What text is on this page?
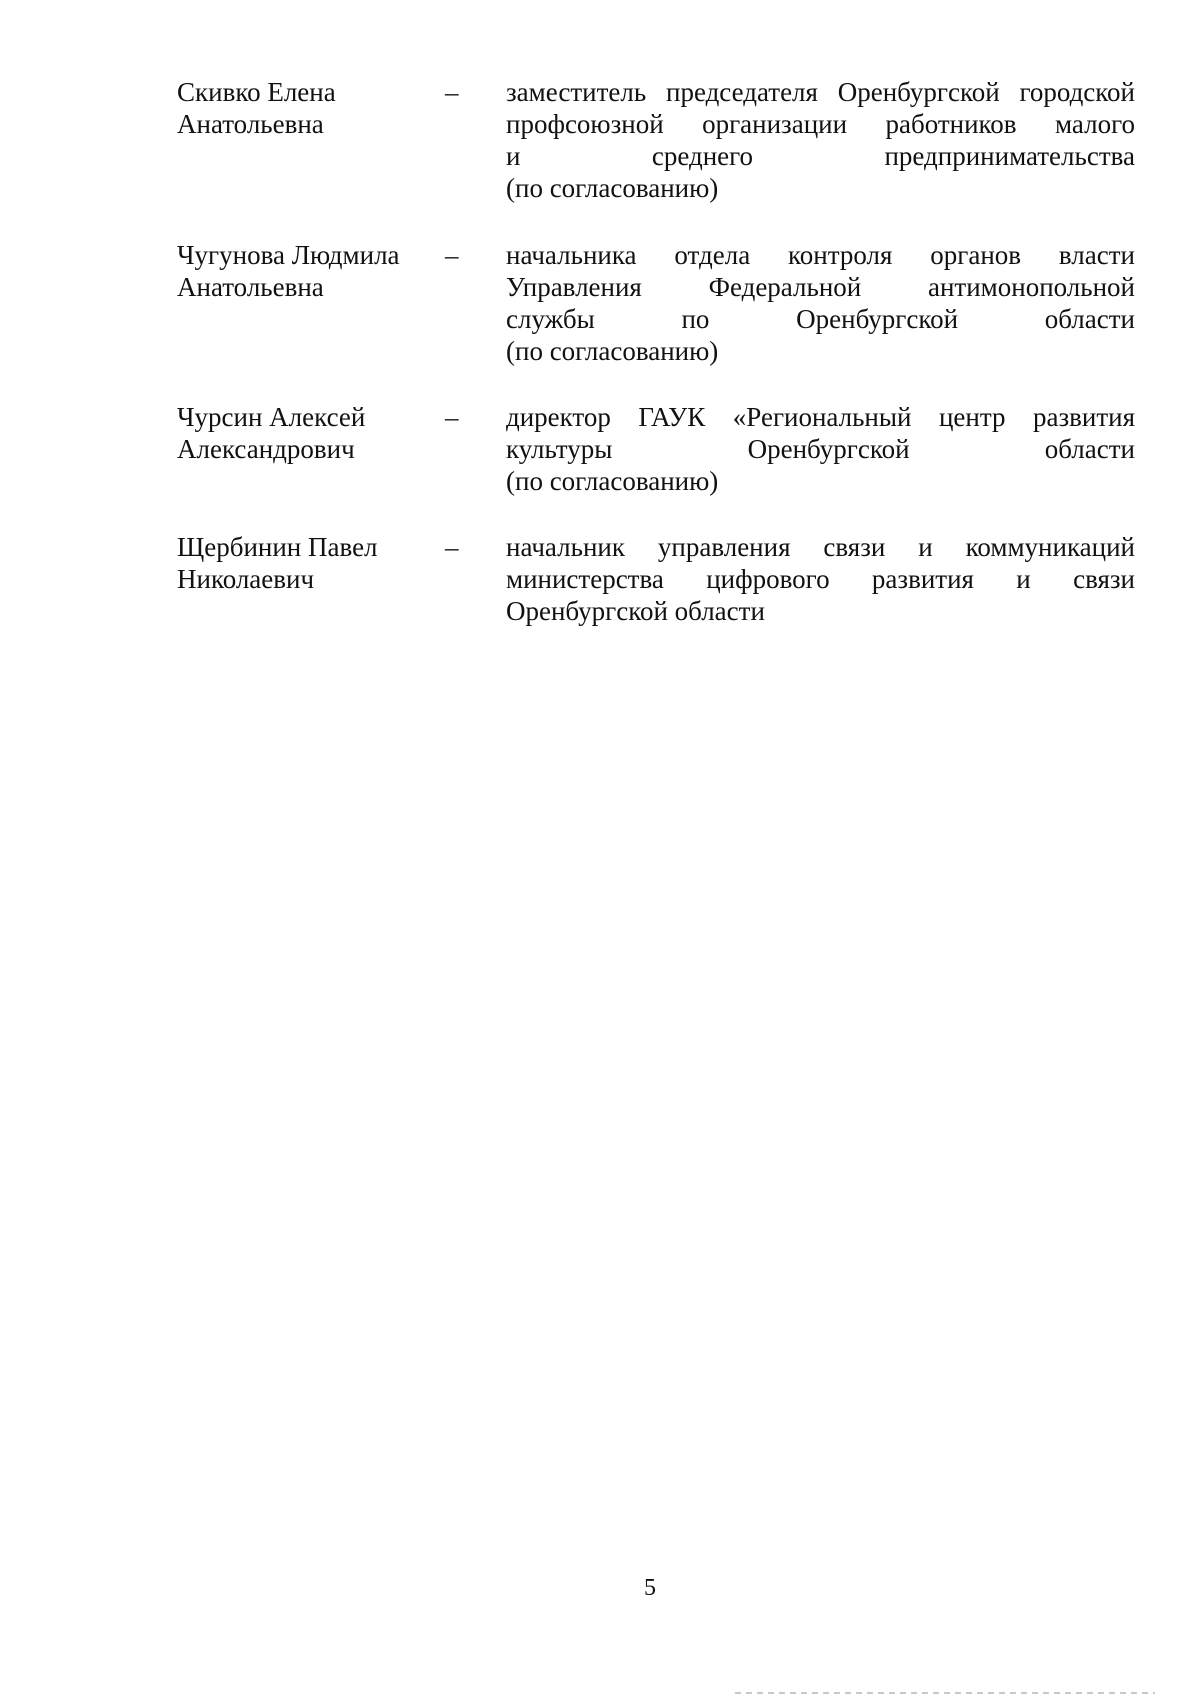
Скивко Елена
Анатольевна
– заместитель председателя Оренбургской городской
профсоюзной организации работников малого
и среднего предпринимательства
(по согласованию)
Чугунова Людмила
Анатольевна
– начальника отдела контроля органов власти
Управления Федеральной антимонопольной
службы по Оренбургской области
(по согласованию)
Чурсин Алексей
Александрович
– директор ГАУК «Региональный центр развития
культуры Оренбургской области
(по согласованию)
Щербинин Павел
Николаевич
– начальник управления связи и коммуникаций
министерства цифрового развития и связи
Оренбургской области
5
